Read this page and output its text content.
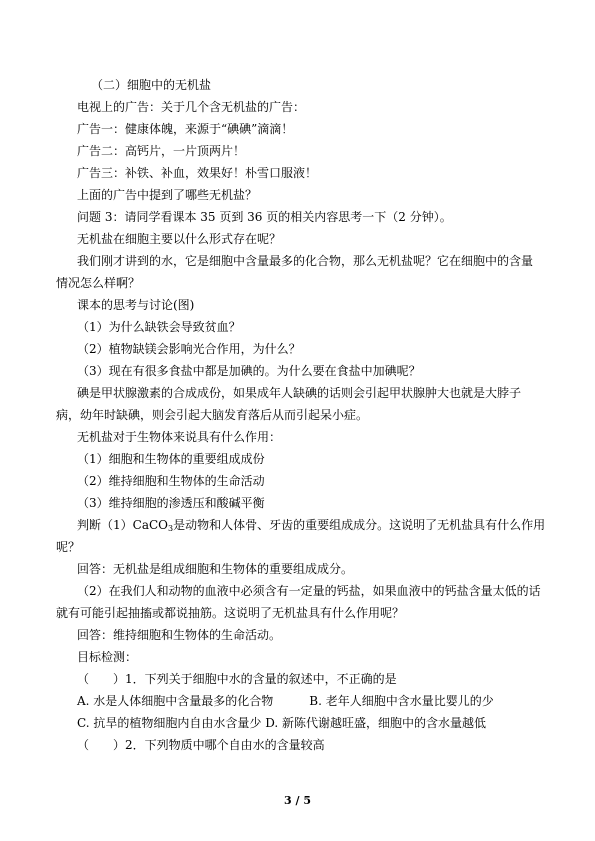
（二）细胞中的无机盐
电视上的广告：关于几个含无机盐的广告：
广告一：健康体魄，来源于“碘碘”滴滴！
广告二：高钙片，一片顶两片！
广告三：补铁、补血，效果好！朴雪口服液！
上面的广告中提到了哪些无机盐？
问题 3：请同学看课本 35 页到 36 页的相关内容思考一下（2 分钟）。
无机盐在细胞主要以什么形式存在呢？
我们刚才讲到的水，它是细胞中含量最多的化合物，那么无机盐呢？它在细胞中的含量
情况怎么样啊？
课本的思考与讨论(图)
（1）为什么缺铁会导致贫血？
（2）植物缺镁会影响光合作用，为什么？
（3）现在有很多食盐中都是加碘的。为什么要在食盐中加碘呢？
碘是甲状腺激素的合成成份，如果成年人缺碘的话则会引起甲状腺肿大也就是大脖子
病，幼年时缺碘，则会引起大脑发育落后从而引起呆小症。
无机盐对于生物体来说具有什么作用：
（1）细胞和生物体的重要组成成份
（2）维持细胞和生物体的生命活动
（3）维持细胞的渗透压和酸碱平衡
判断（1）CaCO$_3$是动物和人体骨、牙齿的重要组成成分。这说明了无机盐具有什么作用
呢？
回答：无机盐是组成细胞和生物体的重要组成成分。
（2）在我们人和动物的血液中必须含有一定量的钙盐，如果血液中的钙盐含量太低的话
就有可能引起抽搐或都说抽筋。这说明了无机盐具有什么作用呢？
回答：维持细胞和生物体的生命活动。
目标检测：
（　　）1．下列关于细胞中水的含量的叙述中，不正确的是
A. 水是人体细胞中含量最多的化合物　　　B. 老年人细胞中含水量比婴儿的少
C. 抗旱的植物细胞内自由水含量少 D. 新陈代谢越旺盛，细胞中的含水量越低
（　　）2．下列物质中哪个自由水的含量较高
3 / 5
